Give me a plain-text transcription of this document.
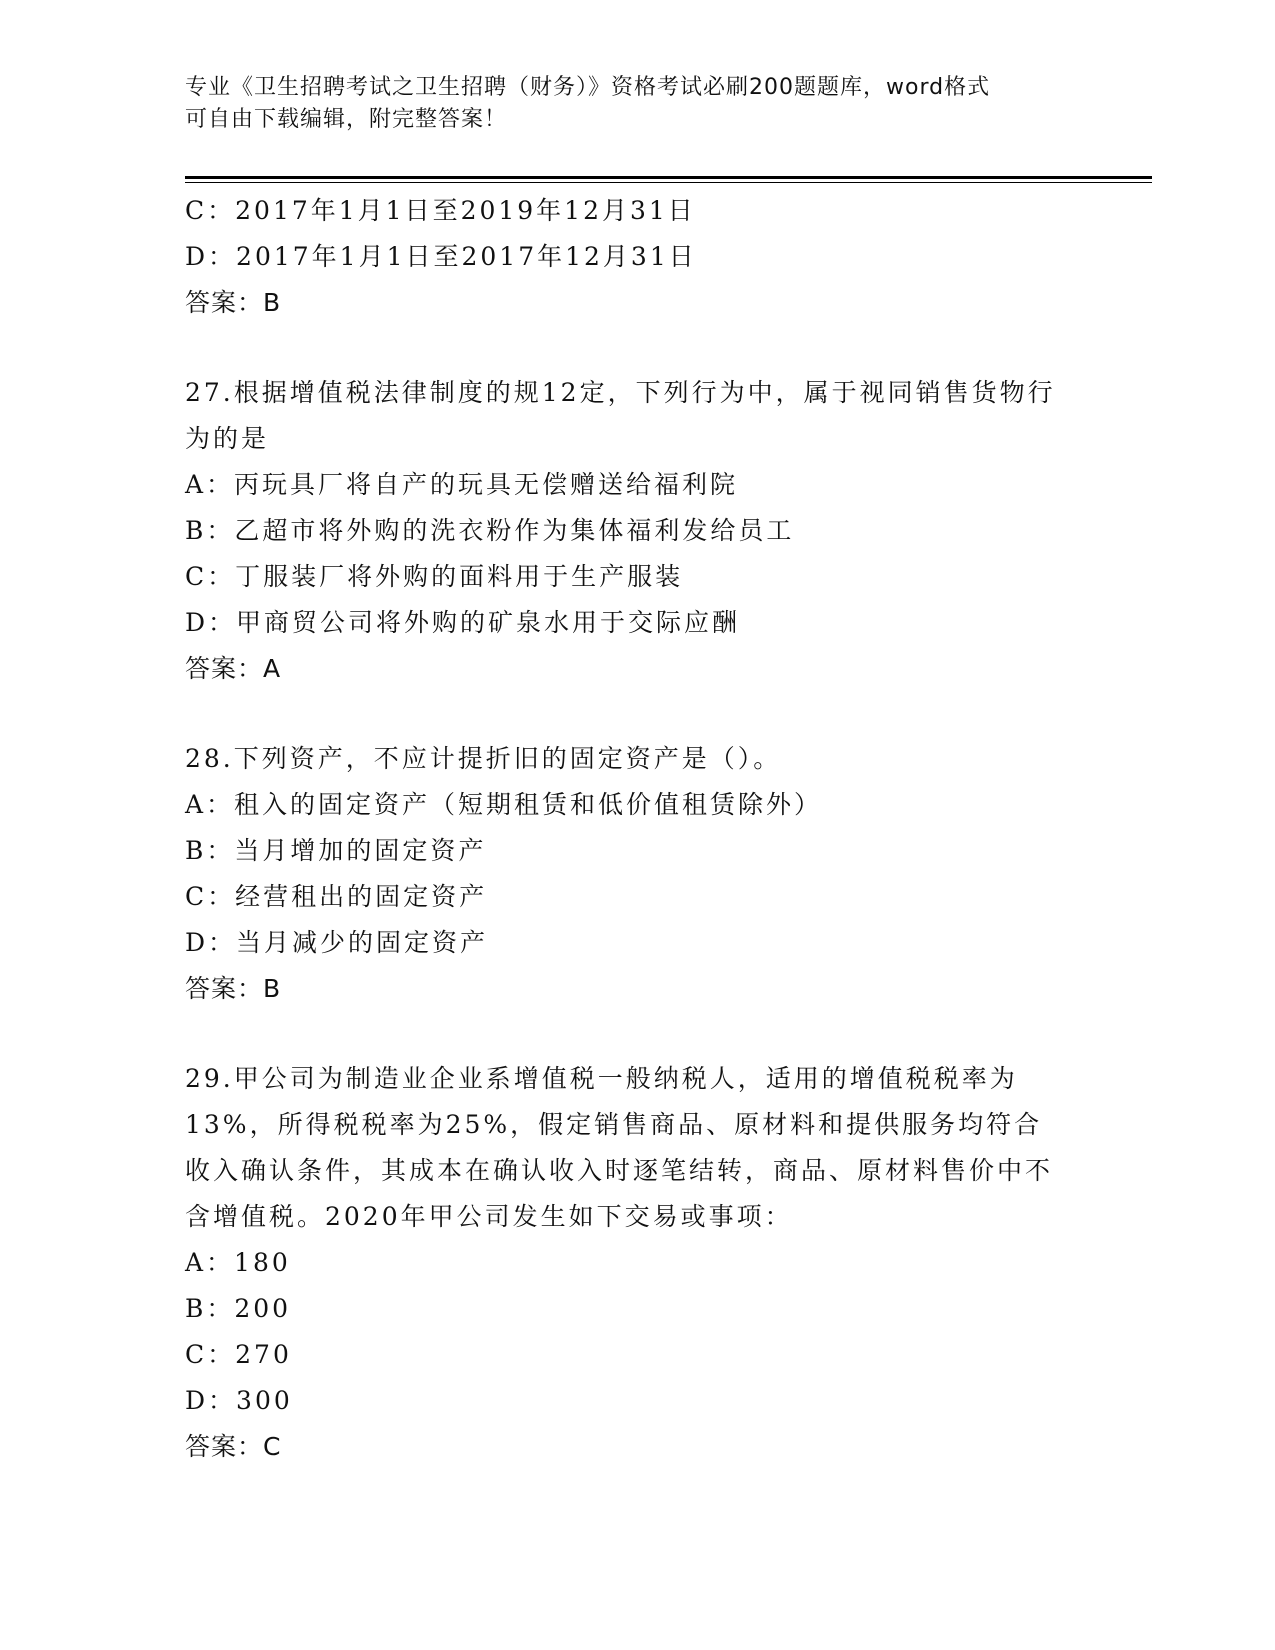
专业《卫生招聘考试之卫生招聘（财务）》资格考试必刷200题题库，word格式
可自由下载编辑，附完整答案！
C：2017年1月1日至2019年12月31日
D：2017年1月1日至2017年12月31日
答案：B
27.根据增值税法律制度的规12定，下列行为中，属于视同销售货物行为的是
A：丙玩具厂将自产的玩具无偿赠送给福利院
B：乙超市将外购的洗衣粉作为集体福利发给员工
C：丁服装厂将外购的面料用于生产服装
D：甲商贸公司将外购的矿泉水用于交际应酬
答案：A
28.下列资产，不应计提折旧的固定资产是（）。
A：租入的固定资产（短期租赁和低价值租赁除外）
B：当月增加的固定资产
C：经营租出的固定资产
D：当月减少的固定资产
答案：B
29.甲公司为制造业企业系增值税一般纳税人，适用的增值税税率为13%，所得税税率为25%，假定销售商品、原材料和提供服务均符合收入确认条件，其成本在确认收入时逐笔结转，商品、原材料售价中不含增值税。2020年甲公司发生如下交易或事项：
A：180
B：200
C：270
D：300
答案：C
